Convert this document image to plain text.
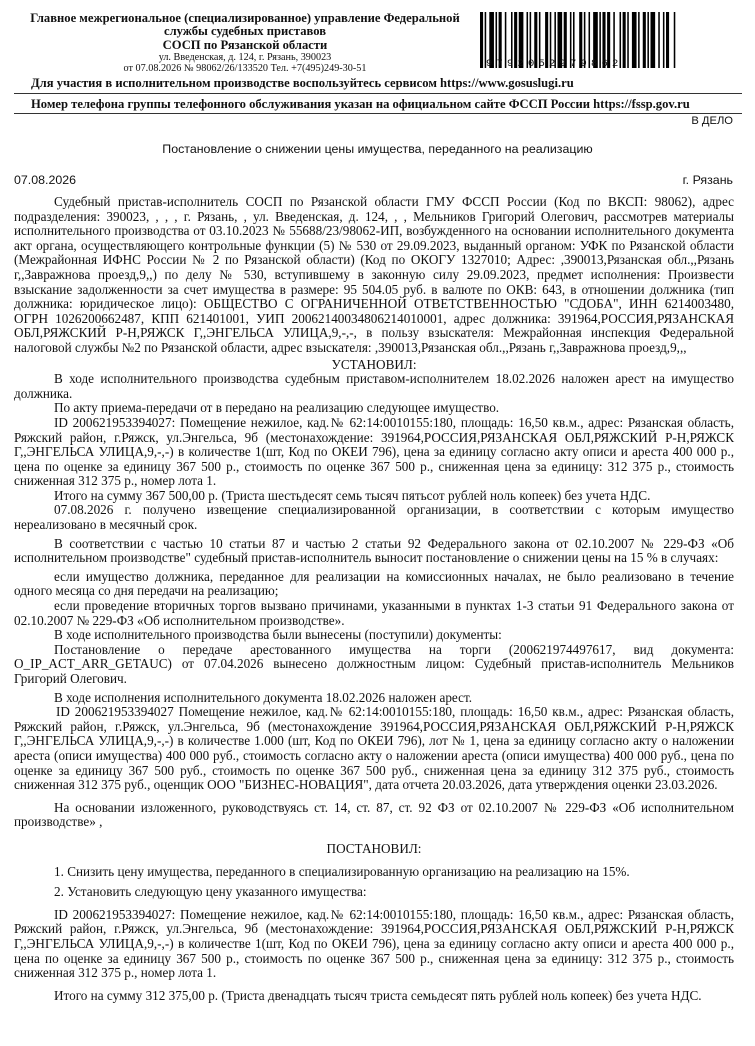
Главное межрегиональное (специализированное) управление Федеральной
службы судебных приставов
СОСП по Рязанской области
ул. Введенская, д. 124, г. Рязань, 390023
от 07.08.2026 № 98062/26/133520 Тел. +7(495)249-30-51	9792052979862
Для участия в исполнительном производстве воспользуйтесь сервисом https://www.gosuslugi.ru
Номер телефона группы телефонного обслуживания указан на официальном сайте ФССП России https://fssp.gov.ru
В ДЕЛО
Постановление о снижении цены имущества, переданного на реализацию
07.08.2026	г. Рязань

Судебный пристав-исполнитель СОСП по Рязанской области ГМУ ФССП России (Код по ВКСП: 98062), адрес подразделения: 390023, , , , г. Рязань, , ул. Введенская, д. 124, , , Мельников Григорий Олегович, рассмотрев материалы исполнительного производства от 03.10.2023 № 55688/23/98062-ИП, возбужденного на основании исполнительного документа акт органа, осуществляющего контрольные функции (5) № 530 от 29.09.2023, выданный органом: УФК по Рязанской области (Межрайонная ИФНС России № 2 по Рязанской области) (Код по ОКОГУ 1327010; Адрес: ,390013,Рязанская обл.,,Рязань г,,Завражнова проезд,9,,) по делу № 530, вступившему в законную силу 29.09.2023, предмет исполнения: Произвести взыскание задолженности за счет имущества в размере: 95 504.05 руб. в валюте по ОКВ: 643, в отношении должника (тип должника: юридическое лицо): ОБЩЕСТВО С ОГРАНИЧЕННОЙ ОТВЕТСТВЕННОСТЬЮ "СДОБА", ИНН 6214003480, ОГРН 1026200662487, КПП 621401001, УИП 20062140034806214010001, адрес должника: 391964,РОССИЯ,РЯЗАНСКАЯ ОБЛ,РЯЖСКИЙ Р-Н,РЯЖСК Г,,ЭНГЕЛЬСА УЛИЦА,9,-,-, в пользу взыскателя: Межрайонная инспекция Федеральной налоговой службы №2 по Рязанской области, адрес взыскателя: ,390013,Рязанская обл.,,Рязань г,,Завражнова проезд,9,,,

УСТАНОВИЛ:

В ходе исполнительного производства судебным приставом-исполнителем 18.02.2026 наложен арест на имущество должника.

По акту приема-передачи от в передано на реализацию следующее имущество.

ID 200621953394027: Помещение нежилое, кад.№ 62:14:0010155:180, площадь: 16,50 кв.м., адрес: Рязанская область, Ряжский район, г.Ряжск, ул.Энгельса, 9б (местонахождение: 391964,РОССИЯ,РЯЗАНСКАЯ ОБЛ,РЯЖСКИЙ Р-Н,РЯЖСК Г,,ЭНГЕЛЬСА УЛИЦА,9,-,-) в количестве 1(шт, Код по ОКЕИ 796), цена за единицу согласно акту описи и ареста 400 000 р., цена по оценке за единицу 367 500 р., стоимость по оценке 367 500 р., сниженная цена за единицу: 312 375 р., стоимость сниженная 312 375 р., номер лота 1.

Итого на сумму 367 500,00 р. (Триста шестьдесят семь тысяч пятьсот рублей ноль копеек) без учета НДС.

07.08.2026 г. получено извещение специализированной организации, в соответствии с которым имущество нереализовано в месячный срок.

В соответствии с частью 10 статьи 87 и частью 2 статьи 92 Федерального закона от 02.10.2007 № 229-ФЗ «Об исполнительном производстве" судебный пристав-исполнитель выносит постановление о снижении цены на 15 % в случаях:

если имущество должника, переданное для реализации на комиссионных началах, не было реализовано в течение одного месяца со дня передачи на реализацию;

если проведение вторичных торгов вызвано причинами, указанными в пунктах 1-3 статьи 91 Федерального закона от 02.10.2007 № 229-ФЗ «Об исполнительном производстве».

В ходе исполнительного производства были вынесены (поступили) документы:

Постановление о передаче арестованного имущества на торги (200621974497617, вид документа: O_IP_ACT_ARR_GETAUC) от 07.04.2026 вынесено должностным лицом: Судебный пристав-исполнитель Мельников Григорий Олегович.

В ходе исполнения исполнительного документа 18.02.2026 наложен арест.

ID 200621953394027 Помещение нежилое, кад.№ 62:14:0010155:180, площадь: 16,50 кв.м., адрес: Рязанская область, Ряжский район, г.Ряжск, ул.Энгельса, 9б (местонахождение 391964,РОССИЯ,РЯЗАНСКАЯ ОБЛ,РЯЖСКИЙ Р-Н,РЯЖСК Г,,ЭНГЕЛЬСА УЛИЦА,9,-,-) в количестве 1.000 (шт, Код по ОКЕИ 796), лот № 1, цена за единицу согласно акту о наложении ареста (описи имущества) 400 000 руб., стоимость согласно акту о наложении ареста (описи имущества) 400 000 руб., цена по оценке за единицу 367 500 руб., стоимость по оценке 367 500 руб., сниженная цена за единицу 312 375 руб., стоимость сниженная 312 375 руб., оценщик ООО "БИЗНЕС-НОВАЦИЯ", дата отчета 20.03.2026, дата утверждения оценки 23.03.2026.

На основании изложенного, руководствуясь ст. 14, ст. 87, ст. 92 ФЗ от 02.10.2007 № 229-ФЗ «Об исполнительном производстве» ,

ПОСТАНОВИЛ:

1. Снизить цену имущества, переданного в специализированную организацию на реализацию на 15%.

2. Установить следующую цену указанного имущества:

ID 200621953394027: Помещение нежилое, кад.№ 62:14:0010155:180, площадь: 16,50 кв.м., адрес: Рязанская область, Ряжский район, г.Ряжск, ул.Энгельса, 9б (местонахождение: 391964,РОССИЯ,РЯЗАНСКАЯ ОБЛ,РЯЖСКИЙ Р-Н,РЯЖСК Г,,ЭНГЕЛЬСА УЛИЦА,9,-,-) в количестве 1(шт, Код по ОКЕИ 796), цена за единицу согласно акту описи и ареста 400 000 р., цена по оценке за единицу 367 500 р., стоимость по оценке 367 500 р., сниженная цена за единицу: 312 375 р., стоимость сниженная 312 375 р., номер лота 1.

Итого на сумму 312 375,00 р. (Триста двенадцать тысяч триста семьдесят пять рублей ноль копеек) без учета НДС.
